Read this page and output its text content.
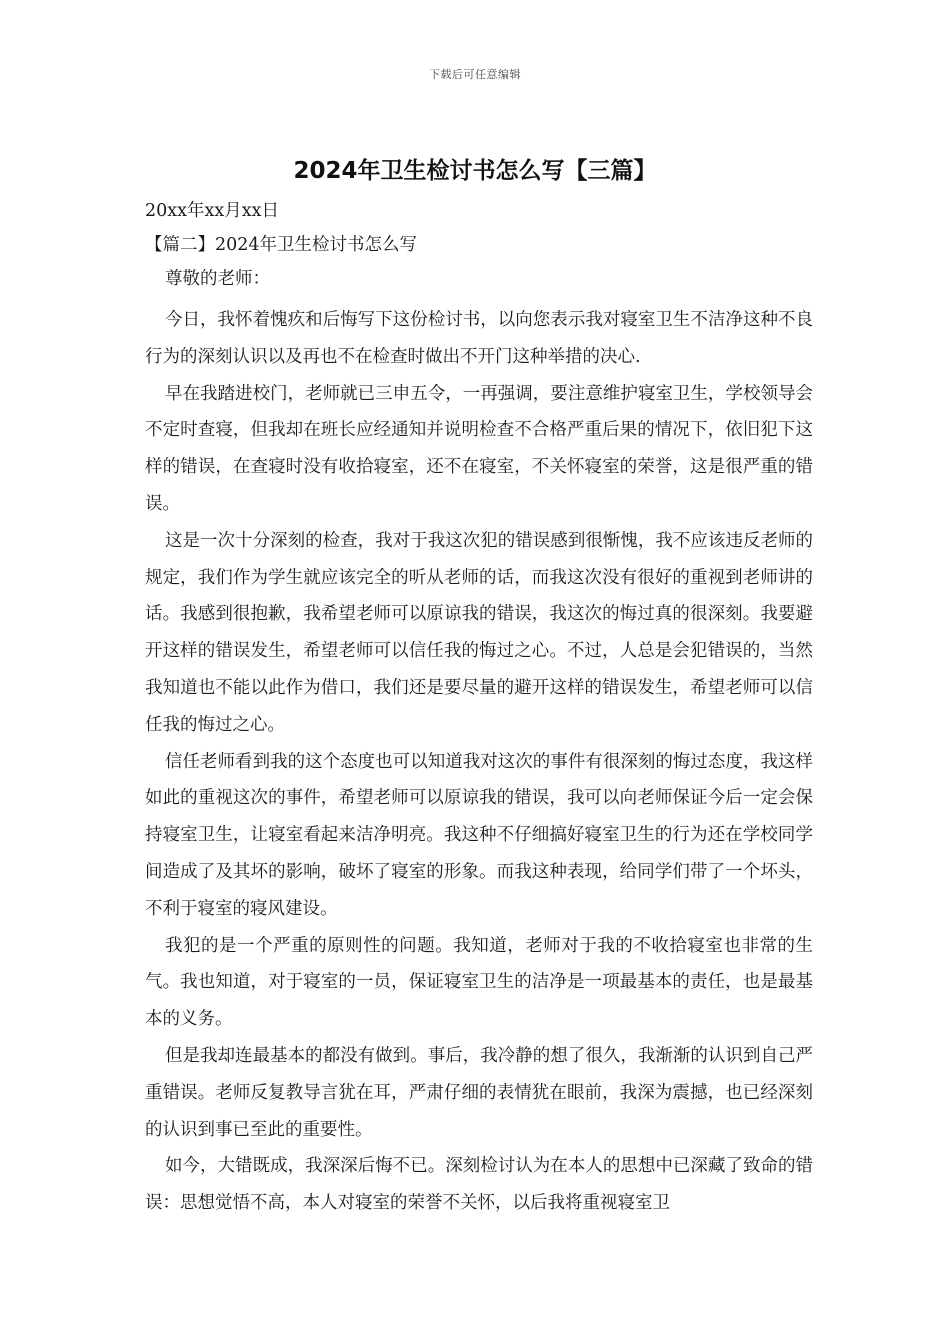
下载后可任意编辑
2024年卫生检讨书怎么写【三篇】

20xx年xx月xx日

【篇二】2024年卫生检讨书怎么写

尊敬的老师：

今日，我怀着愧疚和后悔写下这份检讨书，以向您表示我对寝室卫生不洁净这种不良行为的深刻认识以及再也不在检查时做出不开门这种举措的决心.

早在我踏进校门，老师就已三申五令，一再强调，要注意维护寝室卫生，学校领导会不定时查寝，但我却在班长应经通知并说明检查不合格严重后果的情况下，依旧犯下这样的错误，在查寝时没有收拾寝室，还不在寝室，不关怀寝室的荣誉，这是很严重的错误。

这是一次十分深刻的检查，我对于我这次犯的错误感到很惭愧，我不应该违反老师的规定，我们作为学生就应该完全的听从老师的话，而我这次没有很好的重视到老师讲的话。我感到很抱歉，我希望老师可以原谅我的错误，我这次的悔过真的很深刻。我要避开这样的错误发生，希望老师可以信任我的悔过之心。不过，人总是会犯错误的，当然我知道也不能以此作为借口，我们还是要尽量的避开这样的错误发生，希望老师可以信任我的悔过之心。

信任老师看到我的这个态度也可以知道我对这次的事件有很深刻的悔过态度，我这样如此的重视这次的事件，希望老师可以原谅我的错误，我可以向老师保证今后一定会保持寝室卫生，让寝室看起来洁净明亮。我这种不仔细搞好寝室卫生的行为还在学校同学间造成了及其坏的影响，破坏了寝室的形象。而我这种表现，给同学们带了一个坏头，不利于寝室的寝风建设。

我犯的是一个严重的原则性的问题。我知道，老师对于我的不收拾寝室也非常的生气。我也知道，对于寝室的一员，保证寝室卫生的洁净是一项最基本的责任，也是最基本的义务。

但是我却连最基本的都没有做到。事后，我冷静的想了很久，我渐渐的认识到自己严重错误。老师反复教导言犹在耳，严肃仔细的表情犹在眼前，我深为震撼，也已经深刻的认识到事已至此的重要性。

如今，大错既成，我深深后悔不已。深刻检讨认为在本人的思想中已深藏了致命的错误：思想觉悟不高，本人对寝室的荣誉不关怀，以后我将重视寝室卫
